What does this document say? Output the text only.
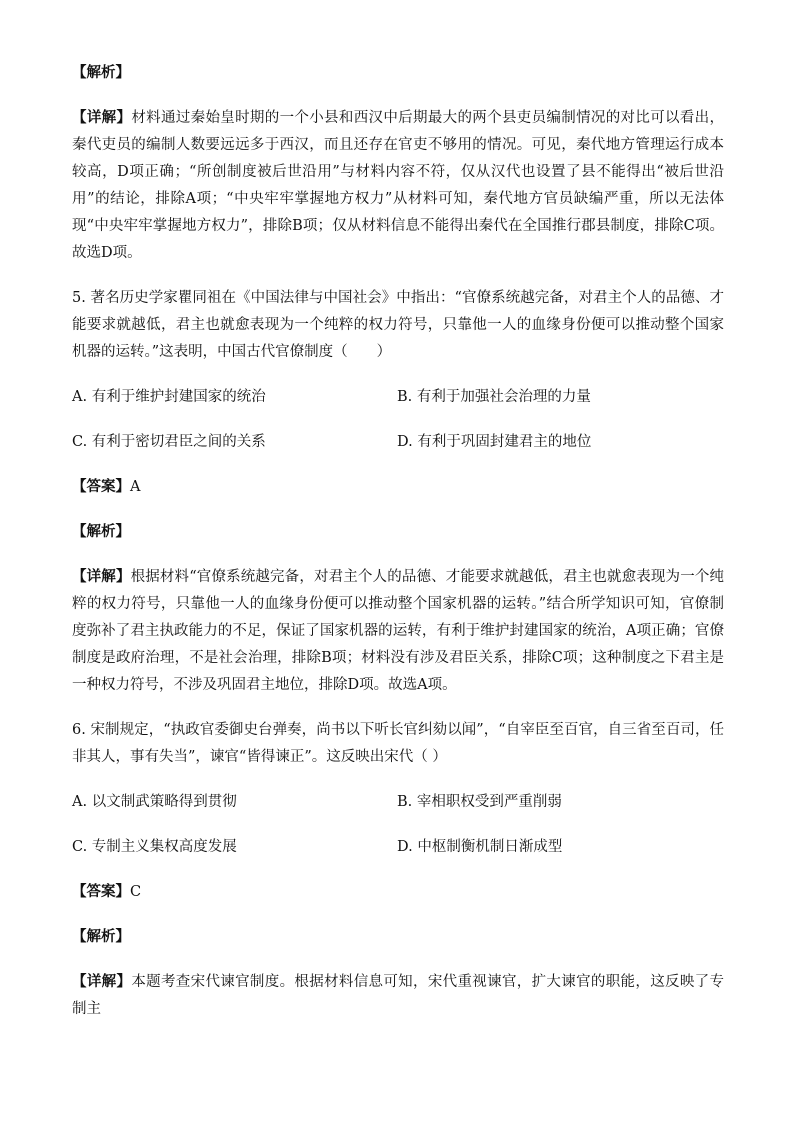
【解析】
【详解】材料通过秦始皇时期的一个小县和西汉中后期最大的两个县吏员编制情况的对比可以看出，秦代吏员的编制人数要远远多于西汉，而且还存在官吏不够用的情况。可见，秦代地方管理运行成本较高，D项正确；“所创制度被后世沿用”与材料内容不符，仅从汉代也设置了县不能得出“被后世沿用”的结论，排除A项；“中央牢牢掌握地方权力”从材料可知，秦代地方官员缺编严重，所以无法体现“中央牢牢掌握地方权力”，排除B项；仅从材料信息不能得出秦代在全国推行郡县制度，排除C项。故选D项。
5. 著名历史学家瞿同祖在《中国法律与中国社会》中指出：“官僚系统越完备，对君主个人的品德、才能要求就越低，君主也就愈表现为一个纯粹的权力符号，只靠他一人的血缘身份便可以推动整个国家机器的运转。”这表明，中国古代官僚制度（　　）
A. 有利于维护封建国家的统治	B. 有利于加强社会治理的力量
C. 有利于密切君臣之间的关系	D. 有利于巩固封建君主的地位
【答案】A
【解析】
【详解】根据材料“官僚系统越完备，对君主个人的品德、才能要求就越低，君主也就愈表现为一个纯粹的权力符号，只靠他一人的血缘身份便可以推动整个国家机器的运转。”结合所学知识可知，官僚制度弥补了君主执政能力的不足，保证了国家机器的运转，有利于维护封建国家的统治，A项正确；官僚制度是政府治理，不是社会治理，排除B项；材料没有涉及君臣关系，排除C项；这种制度之下君主是一种权力符号，不涉及巩固君主地位，排除D项。故选A项。
6. 宋制规定，“执政官委御史台弹奏，尚书以下听长官纠劾以闻”，“自宰臣至百官，自三省至百司，任非其人，事有失当”，谏官“皆得谏正”。这反映出宋代（ ）
A. 以文制武策略得到贯彻	B. 宰相职权受到严重削弱
C. 专制主义集权高度发展	D. 中枢制衡机制日渐成型
【答案】C
【解析】
【详解】本题考查宋代谏官制度。根据材料信息可知，宋代重视谏官，扩大谏官的职能，这反映了专制主
